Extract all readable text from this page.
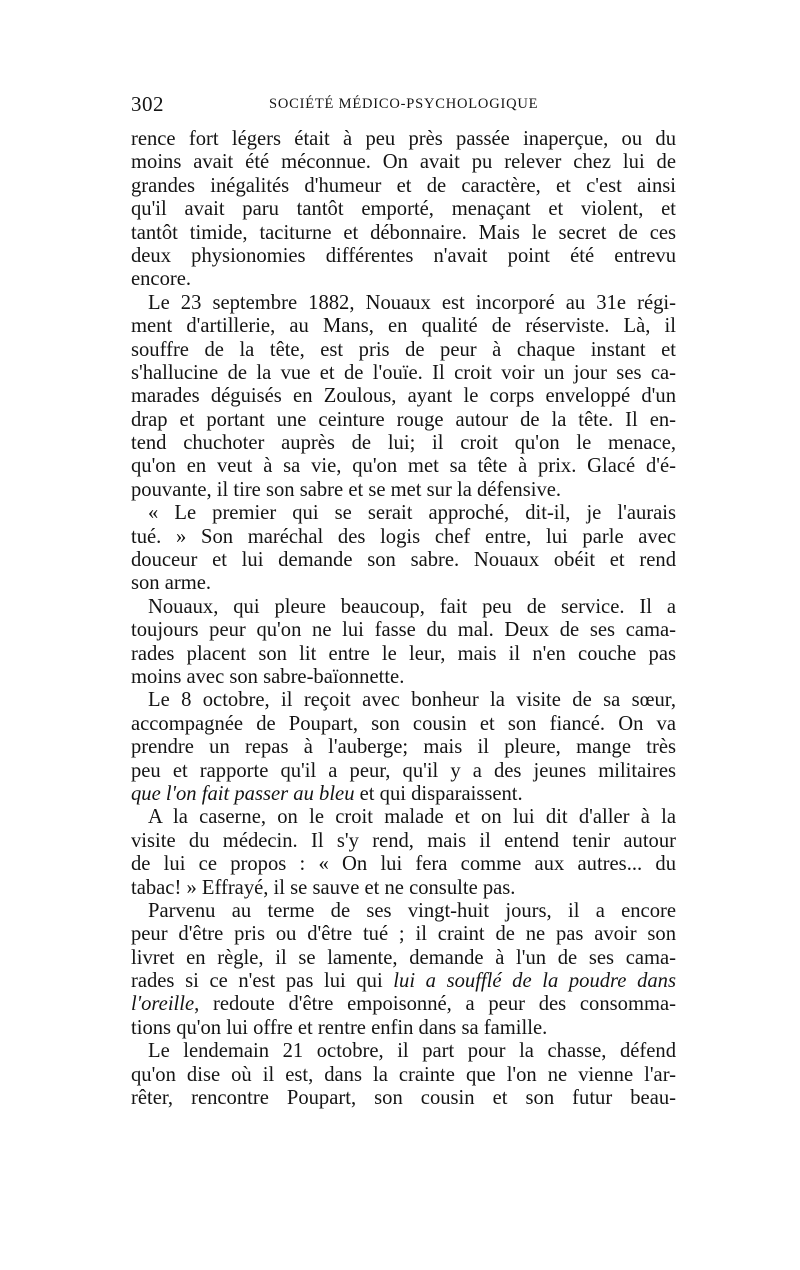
302	SOCIÉTÉ MÉDICO-PSYCHOLOGIQUE
rence fort légers était à peu près passée inaperçue, ou du
moins avait été méconnue. On avait pu relever chez lui de
grandes inégalités d'humeur et de caractère, et c'est ainsi
qu'il avait paru tantôt emporté, menaçant et violent, et
tantôt timide, taciturne et débonnaire. Mais le secret de ces
deux physionomies différentes n'avait point été entrevu
encore.
Le 23 septembre 1882, Nouaux est incorporé au 31e régi-
ment d'artillerie, au Mans, en qualité de réserviste. Là, il
souffre de la tête, est pris de peur à chaque instant et
s'hallucine de la vue et de l'ouïe. Il croit voir un jour ses ca-
marades déguisés en Zoulous, ayant le corps enveloppé d'un
drap et portant une ceinture rouge autour de la tête. Il en-
tend chuchoter auprès de lui; il croit qu'on le menace,
qu'on en veut à sa vie, qu'on met sa tête à prix. Glacé d'é-
pouvante, il tire son sabre et se met sur la défensive.
« Le premier qui se serait approché, dit-il, je l'aurais
tué. » Son maréchal des logis chef entre, lui parle avec
douceur et lui demande son sabre. Nouaux obéit et rend
son arme.
Nouaux, qui pleure beaucoup, fait peu de service. Il a
toujours peur qu'on ne lui fasse du mal. Deux de ses cama-
rades placent son lit entre le leur, mais il n'en couche pas
moins avec son sabre-baïonnette.
Le 8 octobre, il reçoit avec bonheur la visite de sa sœur,
accompagnée de Poupart, son cousin et son fiancé. On va
prendre un repas à l'auberge; mais il pleure, mange très
peu et rapporte qu'il a peur, qu'il y a des jeunes militaires
que l'on fait passer au bleu et qui disparaissent.
A la caserne, on le croit malade et on lui dit d'aller à la
visite du médecin. Il s'y rend, mais il entend tenir autour
de lui ce propos : « On lui fera comme aux autres... du
tabac! » Effrayé, il se sauve et ne consulte pas.
Parvenu au terme de ses vingt-huit jours, il a encore
peur d'être pris ou d'être tué ; il craint de ne pas avoir son
livret en règle, il se lamente, demande à l'un de ses cama-
rades si ce n'est pas lui qui lui a soufflé de la poudre dans
l'oreille, redoute d'être empoisonné, a peur des consomma-
tions qu'on lui offre et rentre enfin dans sa famille.
Le lendemain 21 octobre, il part pour la chasse, défend
qu'on dise où il est, dans la crainte que l'on ne vienne l'ar-
rêter, rencontre Poupart, son cousin et son futur beau-
